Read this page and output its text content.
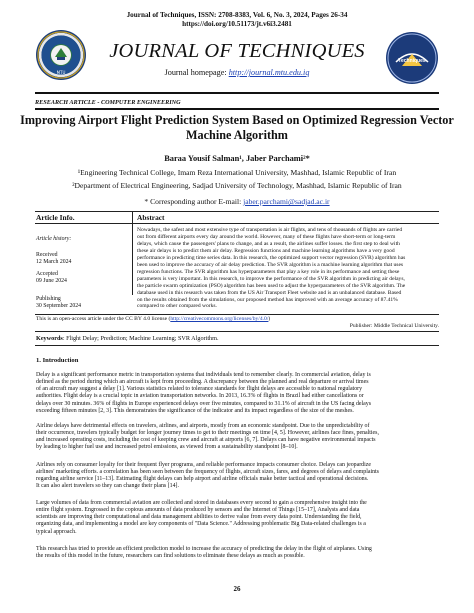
Journal of Techniques, ISSN: 2708-8383, Vol. 6, No. 3, 2024, Pages 26-34
https://doi.org/10.51173/jt.v6i3.2481
MTU
JOURNAL OF TECHNIQUES
Journal homepage: http://journal.mtu.edu.iq
Techniques
RESEARCH ARTICLE - COMPUTER ENGINEERING
Improving Airport Flight Prediction System Based on Optimized Regression Vector
Machine Algorithm
Baraa Yousif Salman¹, Jaber Parchami²*
¹Engineering Technical College, Imam Reza International University, Mashhad, Islamic Republic of Iran
²Department of Electrical Engineering, Sadjad University of Technology, Mashhad, Islamic Republic of Iran
* Corresponding author E-mail: jaber.parchami@sadjad.ac.ir
Article Info.	Abstract
Article history:
Received
12 March 2024
Accepted
09 June 2024
Publishing
30 September 2024
Nowadays, the safest and most extensive type of transportation is air flights, and tens of thousands of flights are carried
out from different airports every day around the world. However, many of these flights have short-term or long-term
delays, which cause the passengers' plans to change, and as a result, the airlines suffer losses. the first step to deal with
these air delays is to predict them air delay. Regression functions and machine learning algorithms have a very good
performance in predicting time series data. In this research, the optimized support vector regression (SVR) algorithm has
been used to improve the accuracy of air delay prediction. The SVR algorithm is a machine learning algorithm that uses
regression functions. The SVR algorithm has hyperparameters that play a key role in its performance and setting these
parameters is very important. In this research, to improve the performance of the SVR algorithm in predicting air delays,
the particle swarm optimization (PSO) algorithm has been used to adjust the hyperparameters of the SVR algorithm. The
database used in this research was taken from the US Air Transport Fleet website and is an unbalanced database. Based
on the results obtained from the simulations, our proposed method has improved with an average accuracy of 87.41%
compared to other compared works.
This is an open-access article under the CC BY 4.0 license (http://creativecommons.org/licenses/by/4.0/)
Publisher: Middle Technical University.
Keywords: Flight Delay; Prediction; Machine Learning; SVR Algorithm.
1. Introduction
Delay is a significant performance metric in transportation systems that individuals tend to remember clearly. In commercial aviation, delay is
defined as the period during which an aircraft is kept from proceeding. A discrepancy between the planned and real departure or arrival times
of an aircraft may suggest a delay [1]. Various statistics related to tolerance standards for flight delays are accessible to national regulatory
authorities. Flight delay is a crucial topic in aviation transportation networks. In 2013, 16.3% of flights in Brazil had either cancellations or
delays over 30 minutes. 36% of flights in Europe experienced delays over five minutes, compared to 31.1% of aircraft in the US facing delays
exceeding fifteen minutes [2, 3]. This demonstrates the significance of the indicator and its impact regardless of the size of the meshes.
Airline delays have detrimental effects on travelers, airlines, and airports, mostly from an economic standpoint. Due to the unpredictability of
their occurrence, travelers typically budget for longer journey times to get to their meetings on time [4, 5]. However, airlines face fines, penalties,
and increased operating costs, including the cost of keeping crew and aircraft at airports [6, 7]. Delays can have negative environmental impacts
by leading to higher fuel use and increased petrol emissions, as viewed from a sustainability standpoint [8–10].
Airlines rely on consumer loyalty for their frequent flyer programs, and reliable performance impacts consumer choice. Delays can jeopardize
airlines' marketing efforts. a correlation has been seen between the frequency of flights, aircraft sizes, fares, and degrees of delays and complaints
regarding airline service [11–13]. Estimating flight delays can help airport and airline officials make better tactical and operational decisions.
It can also alert travelers so they can change their plans [14].
Large volumes of data from commercial aviation are collected and stored in databases every second to gain a comprehensive insight into the
entire flight system. Engrossed in the copious amounts of data produced by sensors and the Internet of Things [15–17], Analysts and data
scientists are improving their computational and data management abilities to derive value from every data point. Understanding the field,
organizing data, and implementing a model are key components of "Data Science." Addressing problematic Big Data-related challenges is a
typical approach.
This research has tried to provide an efficient prediction model to increase the accuracy of predicting the delay in the flight of airplanes. Using
the results of this model in the future, researchers can find solutions to eliminate these delays as much as possible.
26
